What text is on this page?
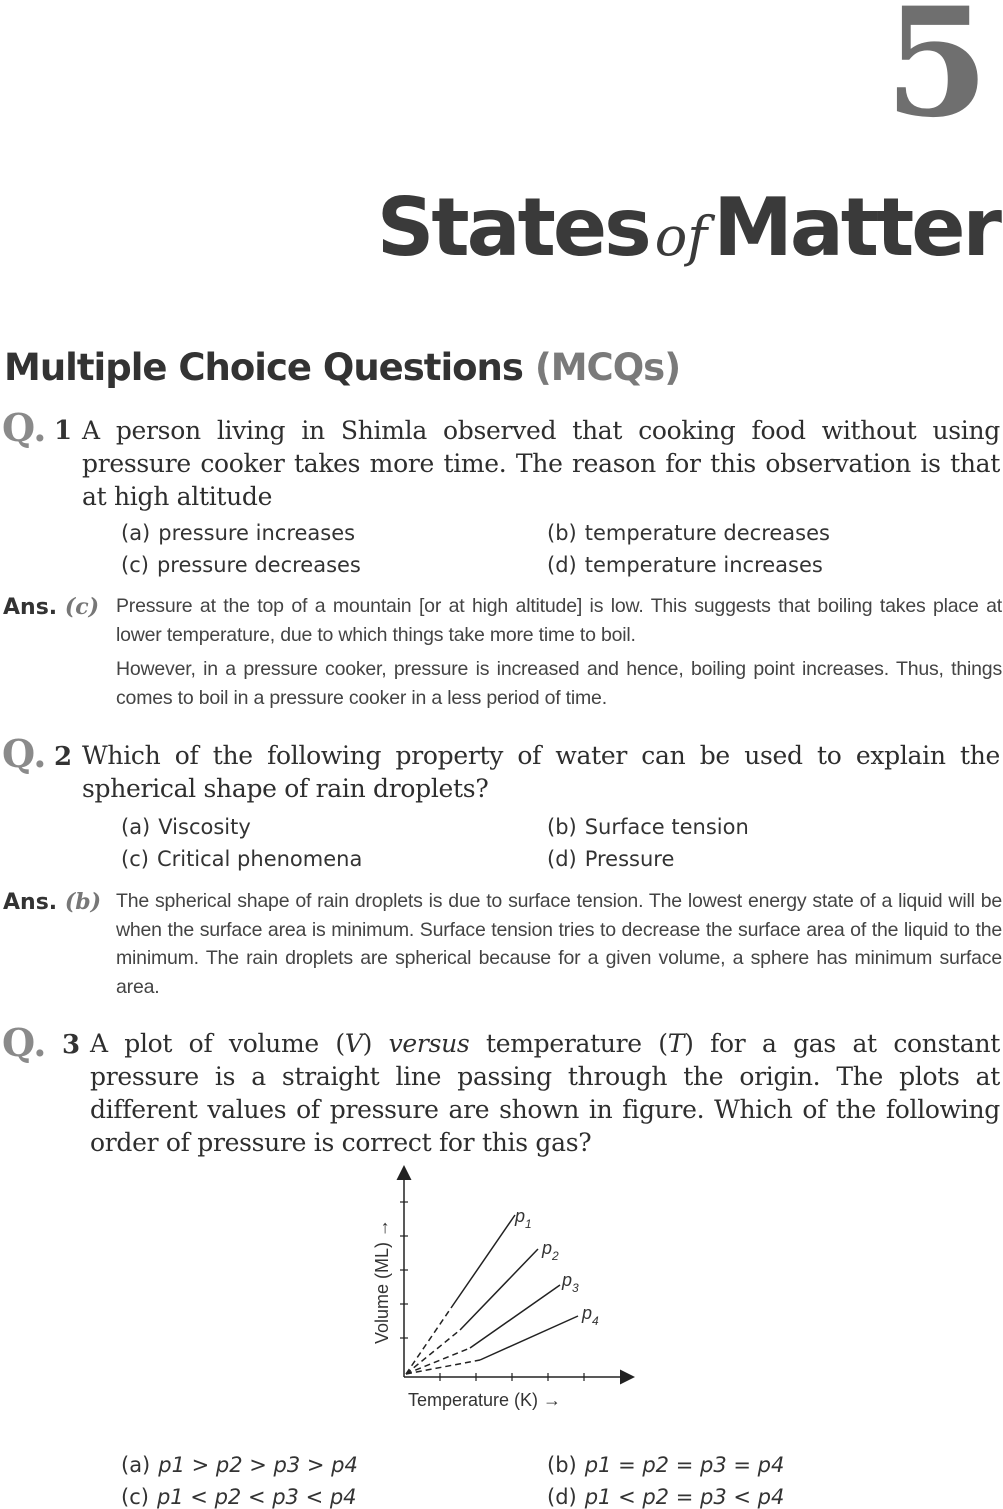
5
States ofMatter
Multiple Choice Questions (MCQs)
Q. 1 A person living in Shimla observed that cooking food without using pressure cooker takes more time. The reason for this observation is that at high altitude
(a) pressure increases	(b) temperature decreases
(c) pressure decreases	(d) temperature increases
Ans. (c) Pressure at the top of a mountain [or at high altitude] is low. This suggests that boiling takes place at lower temperature, due to which things take more time to boil.
However, in a pressure cooker, pressure is increased and hence, boiling point increases. Thus, things comes to boil in a pressure cooker in a less period of time.
Q. 2 Which of the following property of water can be used to explain the spherical shape of rain droplets?
(a) Viscosity	(b) Surface tension
(c) Critical phenomena	(d) Pressure
Ans. (b) The spherical shape of rain droplets is due to surface tension. The lowest energy state of a liquid will be when the surface area is minimum. Surface tension tries to decrease the surface area of the liquid to the minimum. The rain droplets are spherical because for a given volume, a sphere has minimum surface area.
Q. 3 A plot of volume (V) versus temperature (T) for a gas at constant pressure is a straight line passing through the origin. The plots at different values of pressure are shown in figure. Which of the following order of pressure is correct for this gas?
$p_1$
$p_2$
$p_3$
$p_4$
Volume (ML) →
Temperature (K) →
(a) p1 > p2 > p3 > p4	(b) p1 = p2 = p3 = p4
(c) p1 < p2 < p3 < p4	(d) p1 < p2 = p3 < p4
